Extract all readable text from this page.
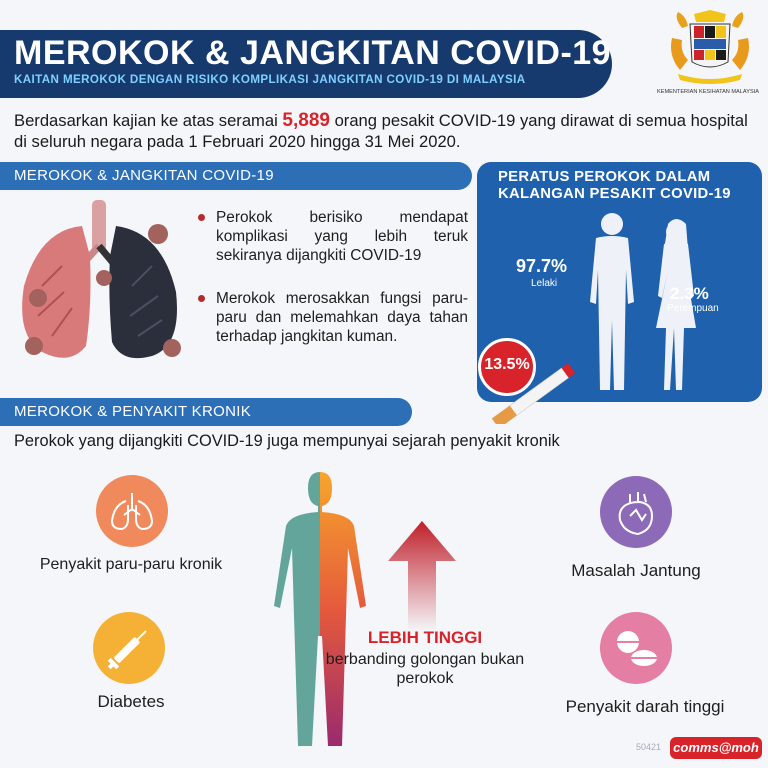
MEROKOK & JANGKITAN COVID-19
KAITAN MEROKOK DENGAN RISIKO KOMPLIKASI JANGKITAN COVID-19 DI MALAYSIA
KEMENTERIAN KESIHATAN MALAYSIA
Berdasarkan kajian ke atas seramai 5,889 orang pesakit COVID-19 yang dirawat di semua hospital di seluruh negara pada 1 Februari 2020 hingga 31 Mei 2020.
MEROKOK & JANGKITAN COVID-19
Perokok berisiko mendapat komplikasi yang lebih teruk sekiranya dijangkiti COVID-19
Merokok merosakkan fungsi paru-paru dan melemahkan daya tahan terhadap jangkitan kuman.
PERATUS PEROKOK DALAM KALANGAN PESAKIT COVID-19
97.7%
Lelaki
2.3%
Perempuan
13.5%
MEROKOK & PENYAKIT KRONIK
Perokok yang dijangkiti COVID-19 juga mempunyai sejarah penyakit kronik
Penyakit paru-paru kronik
Diabetes
Masalah Jantung
Penyakit darah tinggi
LEBIH TINGGI
berbanding golongan bukan perokok
50421 comms@moh
